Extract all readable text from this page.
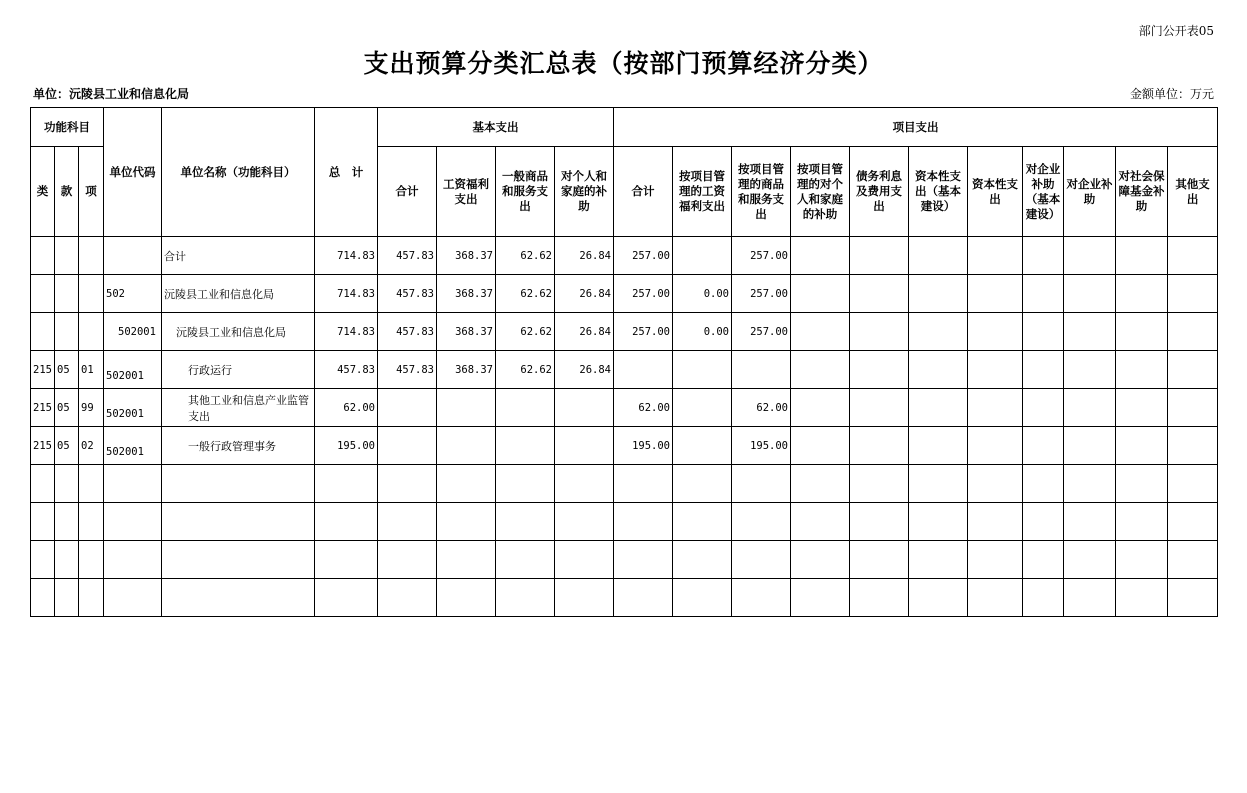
部门公开表05
支出预算分类汇总表（按部门预算经济分类）
单位：沅陵县工业和信息化局	金额单位：万元
功能科目			单位代码	单位名称（功能科目）	总　计	基本支出				项目支出										
类	款	项				合计	工资福利支出	一般商品和服务支出	对个人和家庭的补助	合计	按项目管理的工资福利支出	按项目管理的商品和服务支出	按项目管理的对个人和家庭的补助	债务利息及费用支出	资本性支出（基本建设）	资本性支出	对企业补助（基本建设）	对企业补助	对社会保障基金补助	其他支出
				合计	714.83	457.83	368.37	62.62	26.84	257.00		257.00								
			502	沅陵县工业和信息化局	714.83	457.83	368.37	62.62	26.84	257.00	0.00	257.00								
			502001	沅陵县工业和信息化局	714.83	457.83	368.37	62.62	26.84	257.00	0.00	257.00								
215	05	01	502001	行政运行	457.83	457.83	368.37	62.62	26.84											
215	05	99	502001	其他工业和信息产业监管支出	62.00					62.00		62.00								
215	05	02	502001	一般行政管理事务	195.00					195.00		195.00								
